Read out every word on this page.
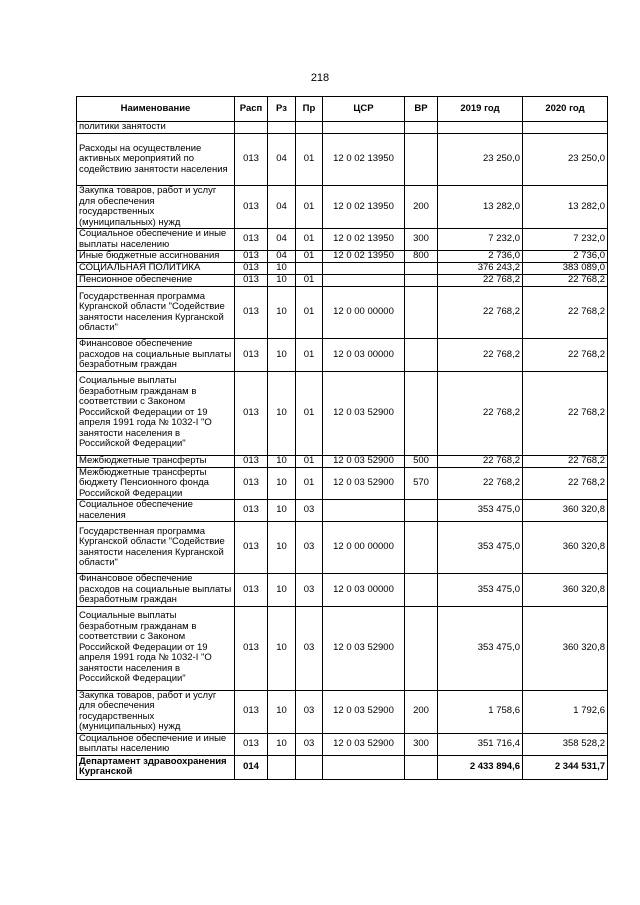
218
Наименование	Расп	Рз	Пр	ЦСР	ВР	2019 год	2020 год
политики занятости							
Расходы на осуществление активных мероприятий по содействию занятости населения	013	04	01	12 0 02 13950		23 250,0	23 250,0
Закупка товаров, работ и услуг для обеспечения государственных (муниципальных) нужд	013	04	01	12 0 02 13950	200	13 282,0	13 282,0
Социальное обеспечение и иные выплаты населению	013	04	01	12 0 02 13950	300	7 232,0	7 232,0
Иные бюджетные ассигнования	013	04	01	12 0 02 13950	800	2 736,0	2 736,0
СОЦИАЛЬНАЯ ПОЛИТИКА	013	10				376 243,2	383 089,0
Пенсионное обеспечение	013	10	01			22 768,2	22 768,2
Государственная программа Курганской области "Содействие занятости населения Курганской области"	013	10	01	12 0 00 00000		22 768,2	22 768,2
Финансовое обеспечение расходов на социальные выплаты безработным граждан	013	10	01	12 0 03 00000		22 768,2	22 768,2
Социальные выплаты безработным гражданам в соответствии с Законом Российской Федерации от 19 апреля 1991 года № 1032-I "О занятости населения в Российской Федерации"	013	10	01	12 0 03 52900		22 768,2	22 768,2
Межбюджетные трансферты	013	10	01	12 0 03 52900	500	22 768,2	22 768,2
Межбюджетные трансферты бюджету Пенсионного фонда Российской Федерации	013	10	01	12 0 03 52900	570	22 768,2	22 768,2
Социальное обеспечение населения	013	10	03			353 475,0	360 320,8
Государственная программа Курганской области "Содействие занятости населения Курганской области"	013	10	03	12 0 00 00000		353 475,0	360 320,8
Финансовое обеспечение расходов на социальные выплаты безработным граждан	013	10	03	12 0 03 00000		353 475,0	360 320,8
Социальные выплаты безработным гражданам в соответствии с Законом Российской Федерации от 19 апреля 1991 года № 1032-I "О занятости населения в Российской Федерации"	013	10	03	12 0 03 52900		353 475,0	360 320,8
Закупка товаров, работ и услуг для обеспечения государственных (муниципальных) нужд	013	10	03	12 0 03 52900	200	1 758,6	1 792,6
Социальное обеспечение и иные выплаты населению	013	10	03	12 0 03 52900	300	351 716,4	358 528,2
Департамент здравоохранения Курганской	014					2 433 894,6	2 344 531,7
